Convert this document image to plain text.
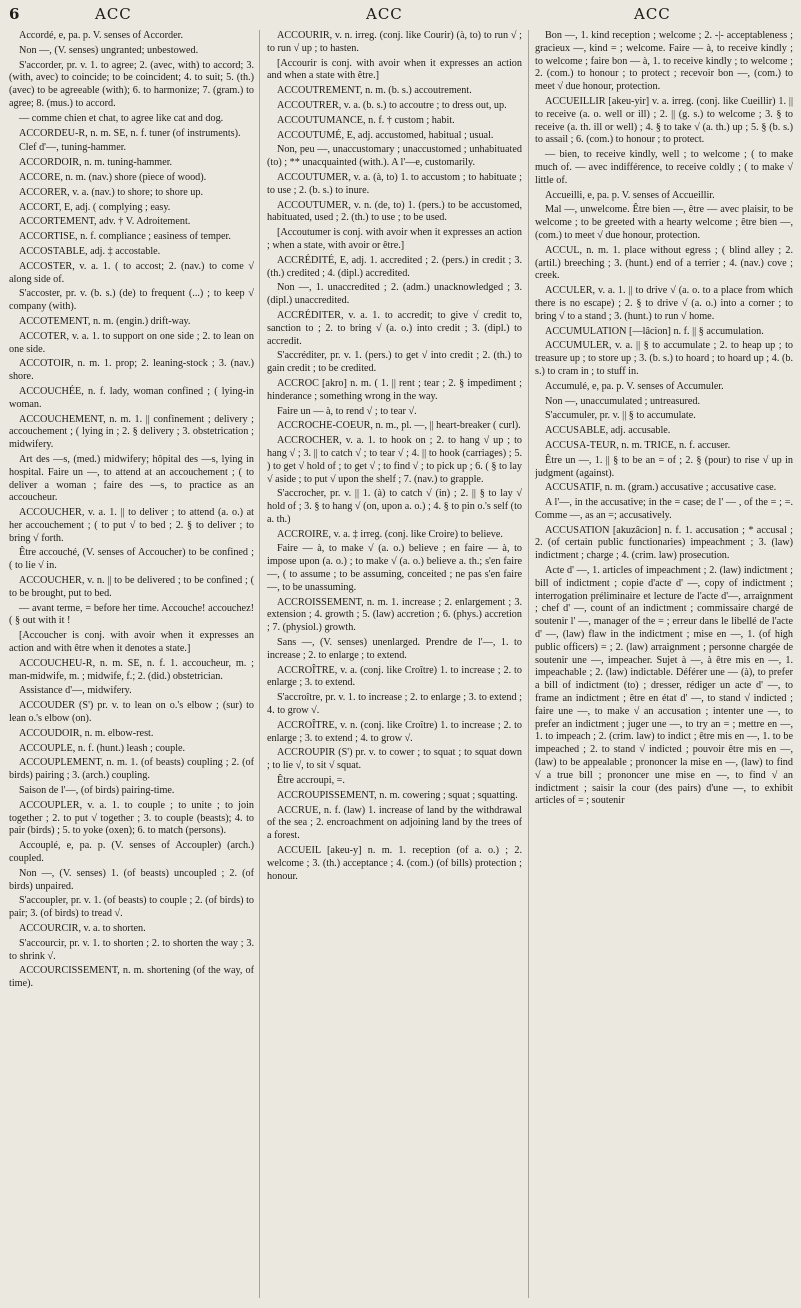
6	ACC	ACC	ACC

Accordé, e, pa. p. V. senses of Accorder.

Non —, (V. senses) ungranted; unbestowed.

S'accorder, pr. v. 1. to agree; 2. (avec, with) to accord; 3. (with, avec) to coincide; to be coincident; 4. to suit; 5. (th.) (avec) to be agreeable (with); 6. to harmonize; 7. (gram.) to agree; 8. (mus.) to accord.

— comme chien et chat, to agree like cat and dog.

ACCORDEU-R, n. m. SE, n. f. tuner (of instruments).

Clef d'—, tuning-hammer.

ACCORDOIR, n. m. tuning-hammer.

ACCORE, n. m. (nav.) shore (piece of wood).

ACCORER, v. a. (nav.) to shore; to shore up.

ACCORT, E, adj. ( complying ; easy.

ACCORTEMENT, adv. † V. Adroitement.

ACCORTISE, n. f. compliance ; easiness of temper.

ACCOSTABLE, adj. ‡ accostable.

ACCOSTER, v. a. 1. ( to accost; 2. (nav.) to come √ along side of.

S'accoster, pr. v. (b. s.) (de) to frequent (...) ; to keep √ company (with).

ACCOTEMENT, n. m. (engin.) drift-way.

ACCOTER, v. a. 1. to support on one side ; 2. to lean on one side.

ACCOTOIR, n. m. 1. prop; 2. leaning-stock ; 3. (nav.) shore.

ACCOUCHÉE, n. f. lady, woman confined ; ( lying-in woman.

ACCOUCHEMENT, n. m. 1. || confinement ; delivery ; accouchement ; ( lying in ; 2. § delivery ; 3. obstetrication ; midwifery.

Art des —s, (med.) midwifery; hôpital des —s, lying in hospital. Faire un —, to attend at an accouchement ; ( to deliver a woman ; faire des —s, to practice as an accoucheur.

ACCOUCHER, v. a. 1. || to deliver ; to attend (a. o.) at her accouchement ; ( to put √ to bed ; 2. § to deliver ; to bring √ forth.

Être accouché, (V. senses of Accoucher) to be confined ; ( to lie √ in.

ACCOUCHER, v. n. || to be delivered ; to be confined ; ( to be brought, put to bed.

— avant terme, = before her time. Accouche! accouchez! ( § out with it !

[Accoucher is conj. with avoir when it expresses an action and with être when it denotes a state.]

ACCOUCHEU-R, n. m. SE, n. f. 1. accoucheur, m. ; man-midwife, m. ; midwife, f.; 2. (did.) obstetrician.

Assistance d'—, midwifery.

ACCOUDER (S') pr. v. to lean on o.'s elbow ; (sur) to lean o.'s elbow (on).

ACCOUDOIR, n. m. elbow-rest.

ACCOUPLE, n. f. (hunt.) leash ; couple.

ACCOUPLEMENT, n. m. 1. (of beasts) coupling ; 2. (of birds) pairing ; 3. (arch.) coupling.

Saison de l'—, (of birds) pairing-time.

ACCOUPLER, v. a. 1. to couple ; to unite ; to join together ; 2. to put √ together ; 3. to couple (beasts); 4. to pair (birds) ; 5. to yoke (oxen); 6. to match (persons).

Accouplé, e, pa. p. (V. senses of Accoupler) (arch.) coupled.

Non —, (V. senses) 1. (of beasts) uncoupled ; 2. (of birds) unpaired.

S'accoupler, pr. v. 1. (of beasts) to couple ; 2. (of birds) to pair; 3. (of birds) to tread √.

ACCOURCIR, v. a. to shorten.

S'accourcir, pr. v. 1. to shorten ; 2. to shorten the way ; 3. to shrink √.

ACCOURCISSEMENT, n. m. shortening (of the way, of time).

ACCOURIR, v. n. irreg. (conj. like Courir) (à, to) to run √ ; to run √ up ; to hasten.

[Accourir is conj. with avoir when it expresses an action and when a state with être.]

ACCOUTREMENT, n. m. (b. s.) accoutrement.

ACCOUTRER, v. a. (b. s.) to accoutre ; to dress out, up.

ACCOUTUMANCE, n. f. † custom ; habit.

ACCOUTUMÉ, E, adj. accustomed, habitual ; usual.

Non, peu —, unaccustomary ; unaccustomed ; unhabituated (to) ; ** unacquainted (with.). A l'—e, customarily.

ACCOUTUMER, v. a. (à, to) 1. to accustom ; to habituate ; to use ; 2. (b. s.) to inure.

ACCOUTUMER, v. n. (de, to) 1. (pers.) to be accustomed, habituated, used ; 2. (th.) to use ; to be used.

[Accoutumer is conj. with avoir when it expresses an action ; when a state, with avoir or être.]

ACCRÉDITÉ, E, adj. 1. accredited ; 2. (pers.) in credit ; 3. (th.) credited ; 4. (dipl.) accredited.

Non —, 1. unaccredited ; 2. (adm.) unacknowledged ; 3. (dipl.) unaccredited.

ACCRÉDITER, v. a. 1. to accredit; to give √ credit to, sanction to ; 2. to bring √ (a. o.) into credit ; 3. (dipl.) to accredit.

S'accréditer, pr. v. 1. (pers.) to get √ into credit ; 2. (th.) to gain credit ; to be credited.

ACCROC [akro] n. m. ( 1. || rent ; tear ; 2. § impediment ; hinderance ; something wrong in the way.

Faire un — à, to rend √ ; to tear √.

ACCROCHE-COEUR, n. m., pl. —, || heart-breaker ( curl).

ACCROCHER, v. a. 1. to hook on ; 2. to hang √ up ; to hang √ ; 3. || to catch √ ; to tear √ ; 4. || to hook (carriages) ; 5. ) to get √ hold of ; to get √ ; to find √ ; to pick up ; 6. ( § to lay √ aside ; to put √ upon the shelf ; 7. (nav.) to grapple.

S'accrocher, pr. v. || 1. (à) to catch √ (in) ; 2. || § to lay √ hold of ; 3. § to hang √ (on, upon a. o.) ; 4. § to pin o.'s self (to a. th.)

ACCROIRE, v. a. ‡ irreg. (conj. like Croire) to believe.

Faire — à, to make √ (a. o.) believe ; en faire — à, to impose upon (a. o.) ; to make √ (a. o.) believe a. th.; s'en faire —, ( to assume ; to be assuming, conceited ; ne pas s'en faire —, to be unassuming.

ACCROISSEMENT, n. m. 1. increase ; 2. enlargement ; 3. extension ; 4. growth ; 5. (law) accretion ; 6. (phys.) accretion ; 7. (physiol.) growth.

Sans —, (V. senses) unenlarged. Prendre de l'—, 1. to increase ; 2. to enlarge ; to extend.

ACCROÎTRE, v. a. (conj. like Croître) 1. to increase ; 2. to enlarge ; 3. to extend.

S'accroître, pr. v. 1. to increase ; 2. to enlarge ; 3. to extend ; 4. to grow √.

ACCROÎTRE, v. n. (conj. like Croître) 1. to increase ; 2. to enlarge ; 3. to extend ; 4. to grow √.

ACCROUPIR (S') pr. v. to cower ; to squat ; to squat down ; to lie √, to sit √ squat.

Être accroupi, =.

ACCROUPISSEMENT, n. m. cowering ; squat ; squatting.

ACCRUE, n. f. (law) 1. increase of land by the withdrawal of the sea ; 2. encroachment on adjoining land by the trees of a forest.

ACCUEIL [akeu-y] n. m. 1. reception (of a. o.) ; 2. welcome ; 3. (th.) acceptance ; 4. (com.) (of bills) protection ; honour.

Bon —, 1. kind reception ; welcome ; 2. -|- acceptableness ; gracieux —, kind = ; welcome. Faire — à, to receive kindly ; to welcome ; faire bon — à, 1. to receive kindly ; to welcome ; 2. (com.) to honour ; to protect ; recevoir bon —, (com.) to meet √ due honour, protection.

ACCUEILLIR [akeu-yir] v. a. irreg. (conj. like Cueillir) 1. || to receive (a. o. well or ill) ; 2. || (g. s.) to welcome ; 3. § to receive (a. th. ill or well) ; 4. § to take √ (a. th.) up ; 5. § (b. s.) to assail ; 6. (com.) to honour ; to protect.

— bien, to receive kindly, well ; to welcome ; ( to make much of. — avec indifférence, to receive coldly ; ( to make √ little of.

Accueilli, e, pa. p. V. senses of Accueillir.

Mal —, unwelcome. Être bien —, être — avec plaisir, to be welcome ; to be greeted with a hearty welcome ; être bien —, (com.) to meet √ due honour, protection.

ACCUL, n. m. 1. place without egress ; ( blind alley ; 2. (artil.) breeching ; 3. (hunt.) end of a terrier ; 4. (nav.) cove ; creek.

ACCULER, v. a. 1. || to drive √ (a. o. to a place from which there is no escape) ; 2. § to drive √ (a. o.) into a corner ; to bring √ to a stand ; 3. (hunt.) to run √ home.

ACCUMULATION [—lâcion] n. f. || § accumulation.

ACCUMULER, v. a. || § to accumulate ; 2. to heap up ; to treasure up ; to store up ; 3. (b. s.) to hoard ; to hoard up ; 4. (b. s.) to cram in ; to stuff in.

Accumulé, e, pa. p. V. senses of Accumuler.

Non —, unaccumulated ; untreasured.

S'accumuler, pr. v. || § to accumulate.

ACCUSABLE, adj. accusable.

ACCUSA-TEUR, n. m. TRICE, n. f. accuser.

Être un —, 1. || § to be an = of ; 2. § (pour) to rise √ up in judgment (against).

ACCUSATIF, n. m. (gram.) accusative ; accusative case.

A l'—, in the accusative; in the = case; de l' — , of the = ; =. Comme —, as an =; accusatively.

ACCUSATION [akuzâcion] n. f. 1. accusation ; * accusal ; 2. (of certain public functionaries) impeachment ; 3. (law) indictment ; charge ; 4. (crim. law) prosecution.

Acte d' —, 1. articles of impeachment ; 2. (law) indictment ; bill of indictment ; copie d'acte d' —, copy of indictment ; interrogation préliminaire et lecture de l'acte d'—, arraignment ; chef d' —, count of an indictment ; commissaire chargé de soutenir l' —, manager of the = ; erreur dans le libellé de l'acte d' —, (law) flaw in the indictment ; mise en —, 1. (of high public officers) = ; 2. (law) arraignment ; personne chargée de soutenir une —, impeacher. Sujet à —, à être mis en —, 1. impeachable ; 2. (law) indictable. Déférer une — (à), to prefer a bill of indictment (to) ; dresser, rédiger un acte d' —, to frame an indictment ; être en état d' —, to stand √ indicted ; faire une —, to make √ an accusation ; intenter une —, to prefer an indictment ; juger une —, to try an = ; mettre en —, 1. to impeach ; 2. (crim. law) to indict ; être mis en —, 1. to be impeached ; 2. to stand √ indicted ; pouvoir être mis en —, (law) to be appealable ; prononcer la mise en —, (law) to find √ a true bill ; prononcer une mise en —, to find √ an indictment ; saisir la cour (des pairs) d'une —, to exhibit articles of = ; soutenir
